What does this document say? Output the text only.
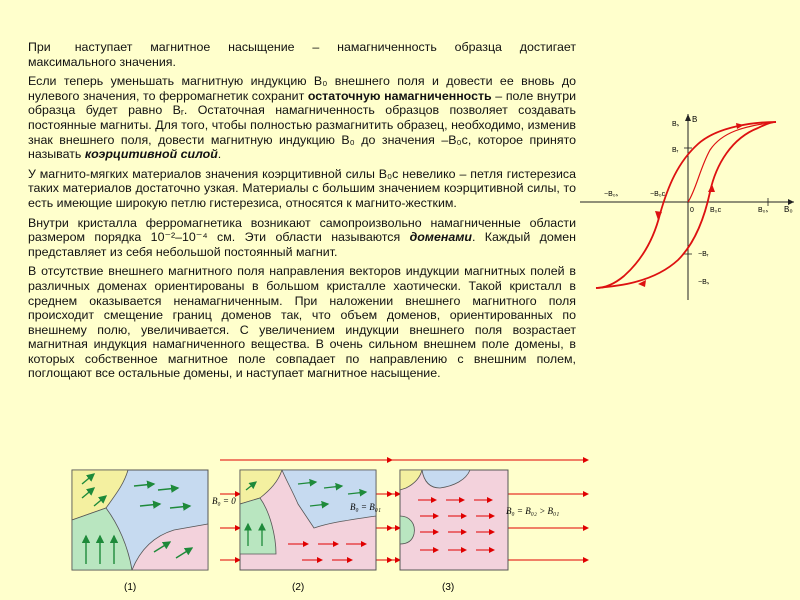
При наступает магнитное насыщение – намагниченность образца достигает максимального значения.

Если теперь уменьшать магнитную индукцию B₀ внешнего поля и довести ее вновь до нулевого значения, то ферромагнетик сохранит остаточную намагниченность – поле внутри образца будет равно Bᵣ. Остаточная намагниченность образцов позволяет создавать постоянные магниты. Для того, чтобы полностью размагнитить образец, необходимо, изменив знак внешнего поля, довести магнитную индукцию B₀ до значения –B₀c, которое принято называть коэрцитивной силой.

У магнито-мягких материалов значения коэрцитивной силы B₀c невелико – петля гистерезиса таких материалов достаточно узкая. Материалы с большим значением коэрцитивной силы, то есть имеющие широкую петлю гистерезиса, относятся к магнито-жестким.

Внутри кристалла ферромагнетика возникают самопроизвольно намагниченные области размером порядка 10⁻²–10⁻⁴ см. Эти области называются доменами. Каждый домен представляет из себя небольшой постоянный магнит.

В отсутствие внешнего магнитного поля направления векторов индукции магнитных полей в различных доменах ориентированы в большом кристалле хаотически. Такой кристалл в среднем оказывается ненамагниченным. При наложении внешнего магнитного поля происходит смещение границ доменов так, что объем доменов, ориентированных по внешнему полю, увеличивается. С увеличением индукции внешнего поля возрастает магнитная индукция намагниченного вещества. В очень сильном внешнем поле домены, в которых собственное магнитное поле совпадает по направлению с внешним полем, поглощают все остальные домены, и наступает магнитное насыщение.

B
B₀
Bₛ
Bᵣ
−B₀c
−B₀ₛ
0 B₀c	B₀ₛ
−Bᵣ
−Bₛ
(1)	(2)
B₀ = 0
B₀ = B₀₁
(3)
B₀ = B₀₂ > B₀₁
